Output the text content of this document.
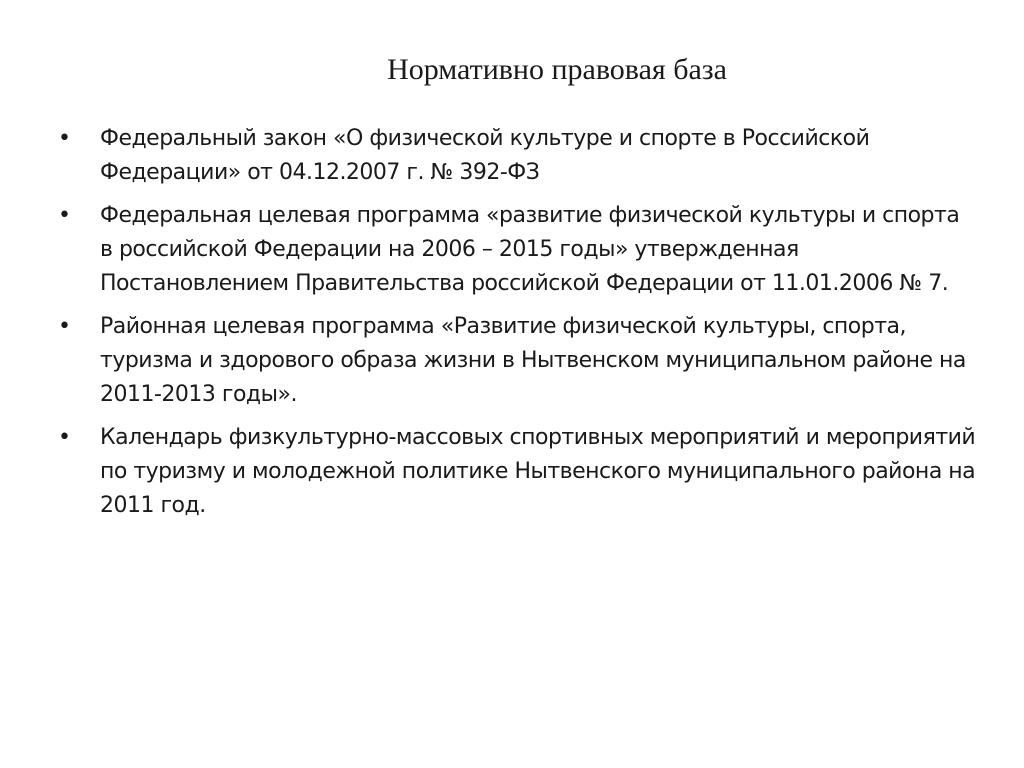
Нормативно правовая база
• Федеральный закон «О физической культуре и спорте в Российской Федерации» от 04.12.2007 г. № 392-ФЗ
• Федеральная целевая программа «развитие физической культуры и спорта в российской Федерации на 2006 – 2015 годы» утвержденная Постановлением Правительства российской Федерации от 11.01.2006 № 7.
• Районная целевая программа «Развитие физической культуры, спорта, туризма и здорового образа жизни в Нытвенском муниципальном районе на 2011-2013 годы».
• Календарь физкультурно-массовых спортивных мероприятий и мероприятий по туризму и молодежной политике Нытвенского муниципального района на 2011 год.
